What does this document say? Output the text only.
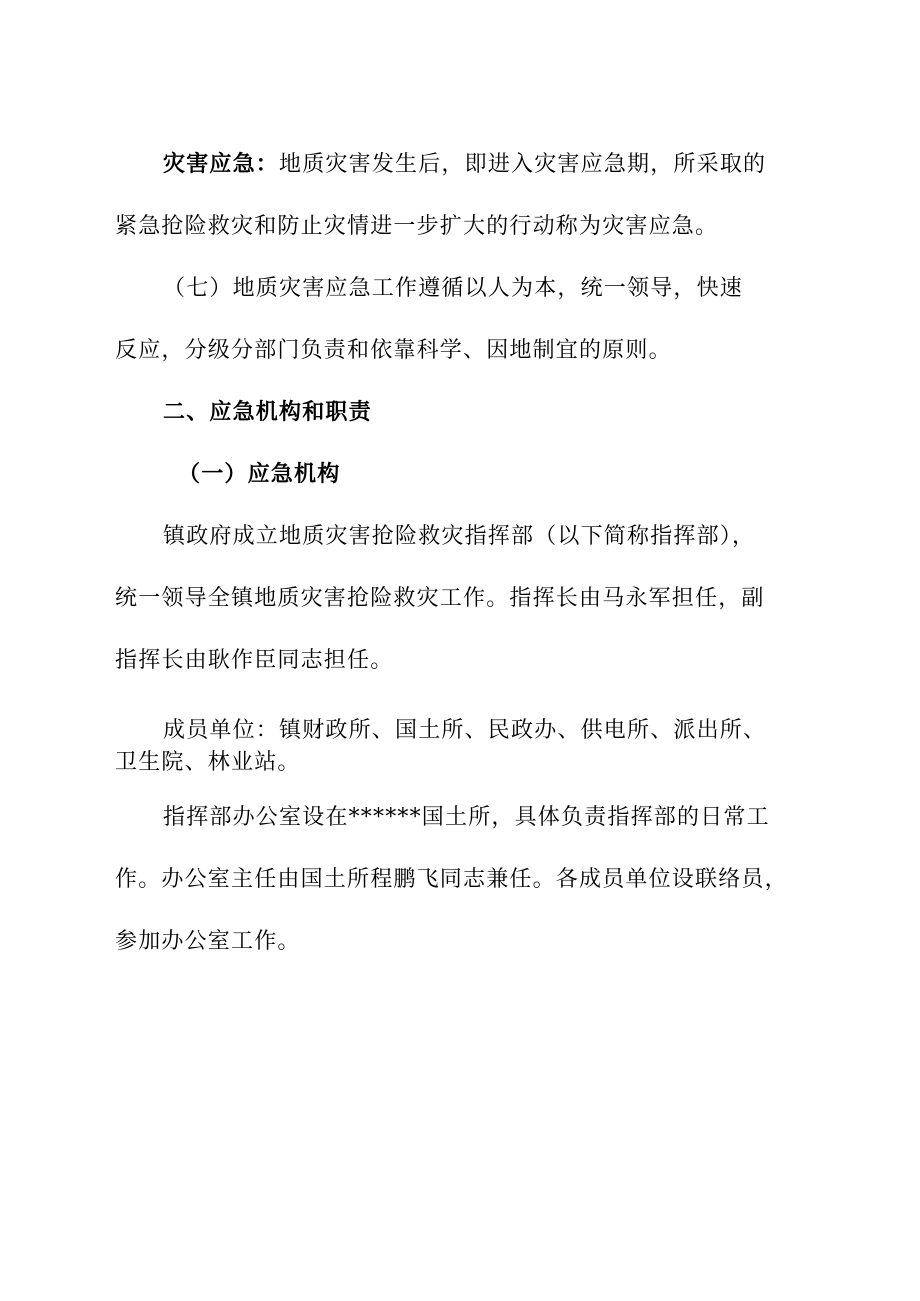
灾害应急：地质灾害发生后，即进入灾害应急期，所采取的
紧急抢险救灾和防止灾情进一步扩大的行动称为灾害应急。
（七）地质灾害应急工作遵循以人为本，统一领导，快速
反应，分级分部门负责和依靠科学、因地制宜的原则。
二、应急机构和职责
（一）应急机构
镇政府成立地质灾害抢险救灾指挥部（以下简称指挥部），
统一领导全镇地质灾害抢险救灾工作。指挥长由马永军担任，副
指挥长由耿作臣同志担任。
成员单位：镇财政所、国土所、民政办、供电所、派出所、
卫生院、林业站。
指挥部办公室设在******国土所，具体负责指挥部的日常工
作。办公室主任由国土所程鹏飞同志兼任。各成员单位设联络员，
参加办公室工作。
